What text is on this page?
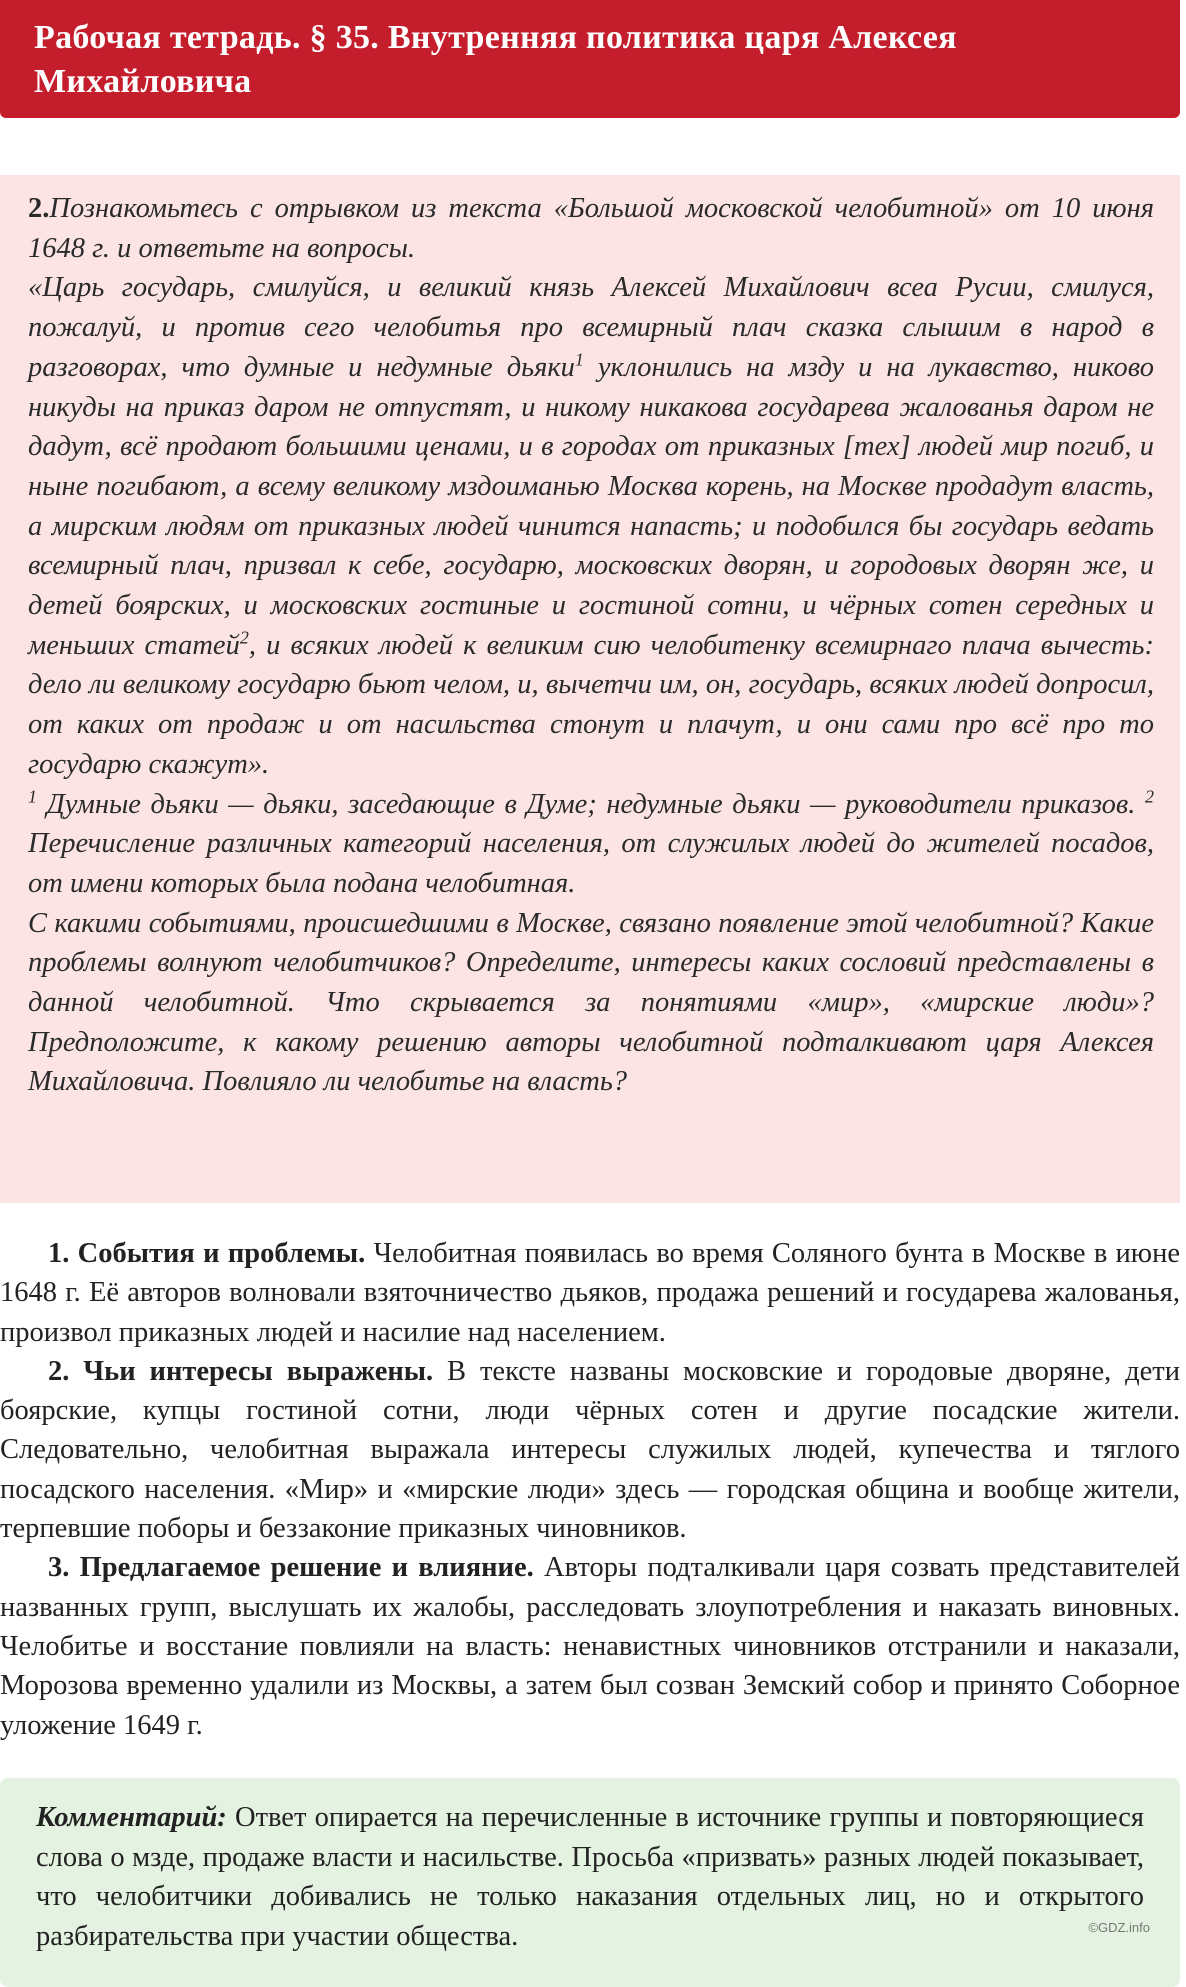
Рабочая тетрадь. § 35. Внутренняя политика царя Алексея Михайловича

2.Познакомьтесь с отрывком из текста «Большой московской челобитной» от 10 июня 1648 г. и ответьте на вопросы.

«Царь государь, смилуйся, и великий князь Алексей Михайлович всеа Русии, смилуся, пожалуй, и против сего челобитья про всемирный плач сказка слышим в народ в разговорах, что думные и недумные дьяки$^1$ уклонились на мзду и на лукавство, никово никуды на приказ даром не отпустят, и никому никакова государева жалованья даром не дадут, всё продают большими ценами, и в городах от приказных [тех] людей мир погиб, и ныне погибают, а всему великому мздоиманью Москва корень, на Москве продадут власть, а мирским людям от приказных людей чинится напасть; и подобился бы государь ведать всемирный плач, призвал к себе, государю, московских дворян, и городовых дворян же, и детей боярских, и московских гостиные и гостиной сотни, и чёрных сотен середных и меньших статей$^2$, и всяких людей к великим сию челобитенку всемирнаго плача вычесть: дело ли великому государю бьют челом, и, вычетчи им, он, государь, всяких людей допросил, от каких от продаж и от насильства стонут и плачут, и они сами про всё про то государю скажут».

$^1$ Думные дьяки — дьяки, заседающие в Думе; недумные дьяки — руководители приказов. $^2$ Перечисление различных категорий населения, от служилых людей до жителей посадов, от имени которых была подана челобитная.

С какими событиями, происшедшими в Москве, связано появление этой челобитной? Какие проблемы волнуют челобитчиков? Определите, интересы каких сословий представлены в данной челобитной. Что скрывается за понятиями «мир», «мирские люди»? Предположите, к какому решению авторы челобитной подталкивают царя Алексея Михайловича. Повлияло ли челобитье на власть?

1. События и проблемы. Челобитная появилась во время Соляного бунта в Москве в июне 1648 г. Её авторов волновали взяточничество дьяков, продажа решений и государева жалованья, произвол приказных людей и насилие над населением.

2. Чьи интересы выражены. В тексте названы московские и городовые дворяне, дети боярские, купцы гостиной сотни, люди чёрных сотен и другие посадские жители. Следовательно, челобитная выражала интересы служилых людей, купечества и тяглого посадского населения. «Мир» и «мирские люди» здесь — городская община и вообще жители, терпевшие поборы и беззаконие приказных чиновников.

3. Предлагаемое решение и влияние. Авторы подталкивали царя созвать представителей названных групп, выслушать их жалобы, расследовать злоупотребления и наказать виновных. Челобитье и восстание повлияли на власть: ненавистных чиновников отстранили и наказали, Морозова временно удалили из Москвы, а затем был созван Земский собор и принято Соборное уложение 1649 г.

Комментарий: Ответ опирается на перечисленные в источнике группы и повторяющиеся слова о мзде, продаже власти и насильстве. Просьба «призвать» разных людей показывает, что челобитчики добивались не только наказания отдельных лиц, но и открытого разбирательства при участии общества.	©GDZ.info
